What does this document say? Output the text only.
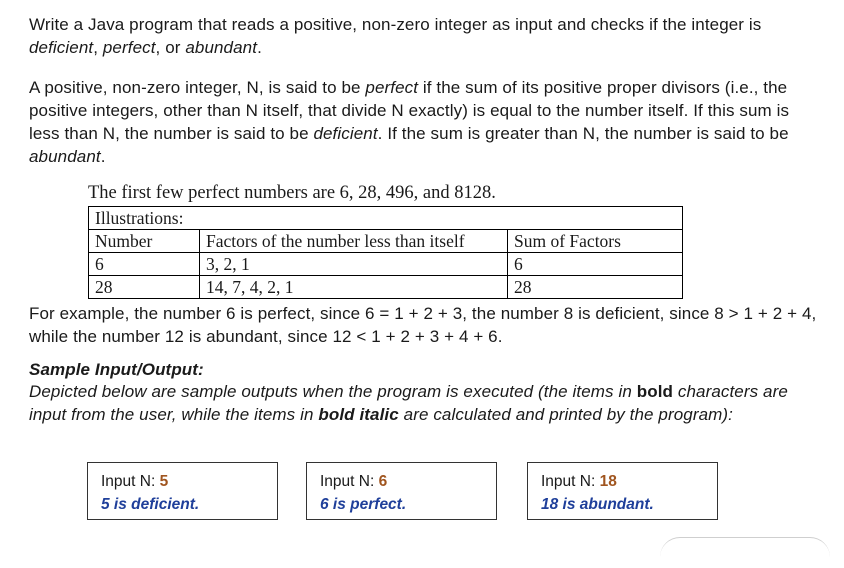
Write a Java program that reads a positive, non-zero integer as input and checks if the integer is deficient, perfect, or abundant.

A positive, non-zero integer, N, is said to be perfect if the sum of its positive proper divisors (i.e., the positive integers, other than N itself, that divide N exactly) is equal to the number itself. If this sum is less than N, the number is said to be deficient. If the sum is greater than N, the number is said to be abundant.

The first few perfect numbers are 6, 28, 496, and 8128.
Illustrations:		
Number	Factors of the number less than itself	Sum of Factors
6	3, 2, 1	6
28	14, 7, 4, 2, 1	28

For example, the number 6 is perfect, since 6 = 1 + 2 + 3, the number 8 is deficient, since 8 > 1 + 2 + 4, while the number 12 is abundant, since 12 < 1 + 2 + 3 + 4 + 6.

Sample Input/Output:

Depicted below are sample outputs when the program is executed (the items in bold characters are input from the user, while the items in bold italic are calculated and printed by the program):

Input N: 5
5 is deficient.
Input N: 6
6 is perfect.
Input N: 18
18 is abundant.
